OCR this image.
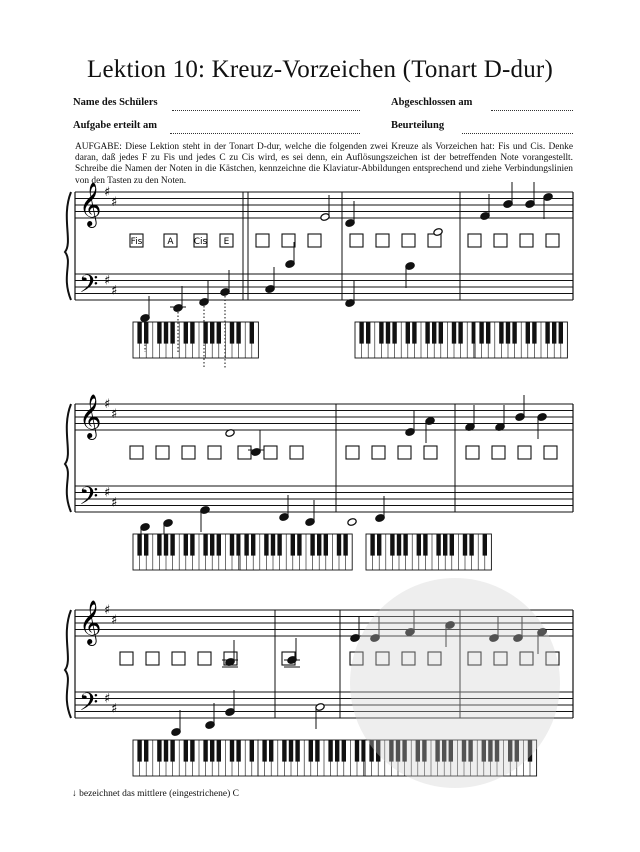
Lektion 10: Kreuz-Vorzeichen (Tonart D-dur)
Name des Schülers	Abgeschlossen am
Aufgabe erteilt am	Beurteilung
AUFGABE: Diese Lektion steht in der Tonart D-dur, welche die folgenden zwei Kreuze als Vorzeichen hat: Fis und Cis. Denke daran, daß jedes F zu Fis und jedes C zu Cis wird, es sei denn, ein Auflösungszeichen ist der betreffenden Note vorangestellt. Schreibe die Namen der Noten in die Kästchen, kennzeichne die Klaviatur-Abbildungen entsprechend und ziehe Verbindungslinien von den Tasten zu den Noten.
𝄞
𝄢
♯
♯
♯
♯
Fis	A Cis E
𝄞
𝄢
♯
♯
♯
♯
𝄞
𝄢
♯
♯
♯
♯
↓ bezeichnet das mittlere (eingestrichene) C
